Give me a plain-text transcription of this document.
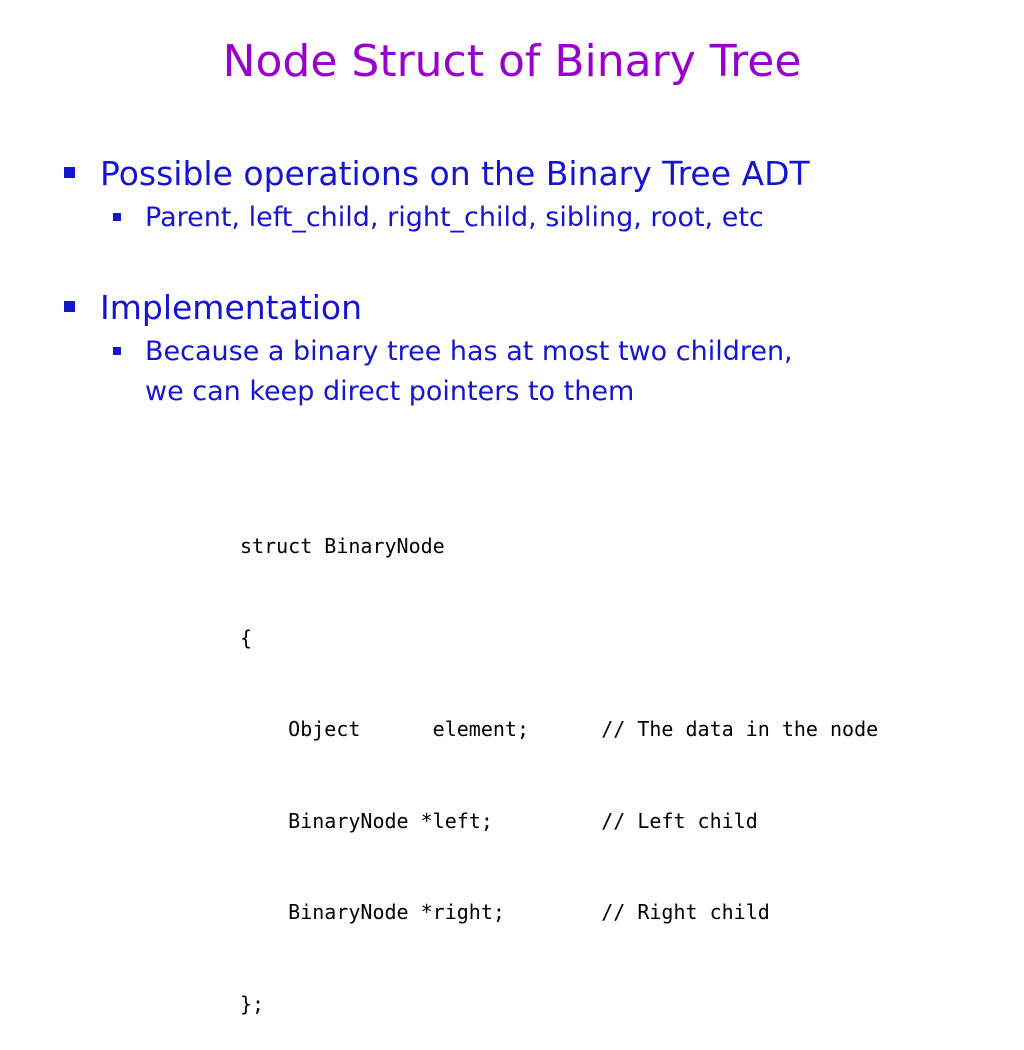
Node Struct of Binary Tree
Possible operations on the Binary Tree ADT
Parent, left_child, right_child, sibling, root, etc
Implementation
Because a binary tree has at most two children,
we can keep direct pointers to them

struct BinaryNode

{

Object      element;      // The data in the node

BinaryNode *left;         // Left child

BinaryNode *right;        // Right child

};
